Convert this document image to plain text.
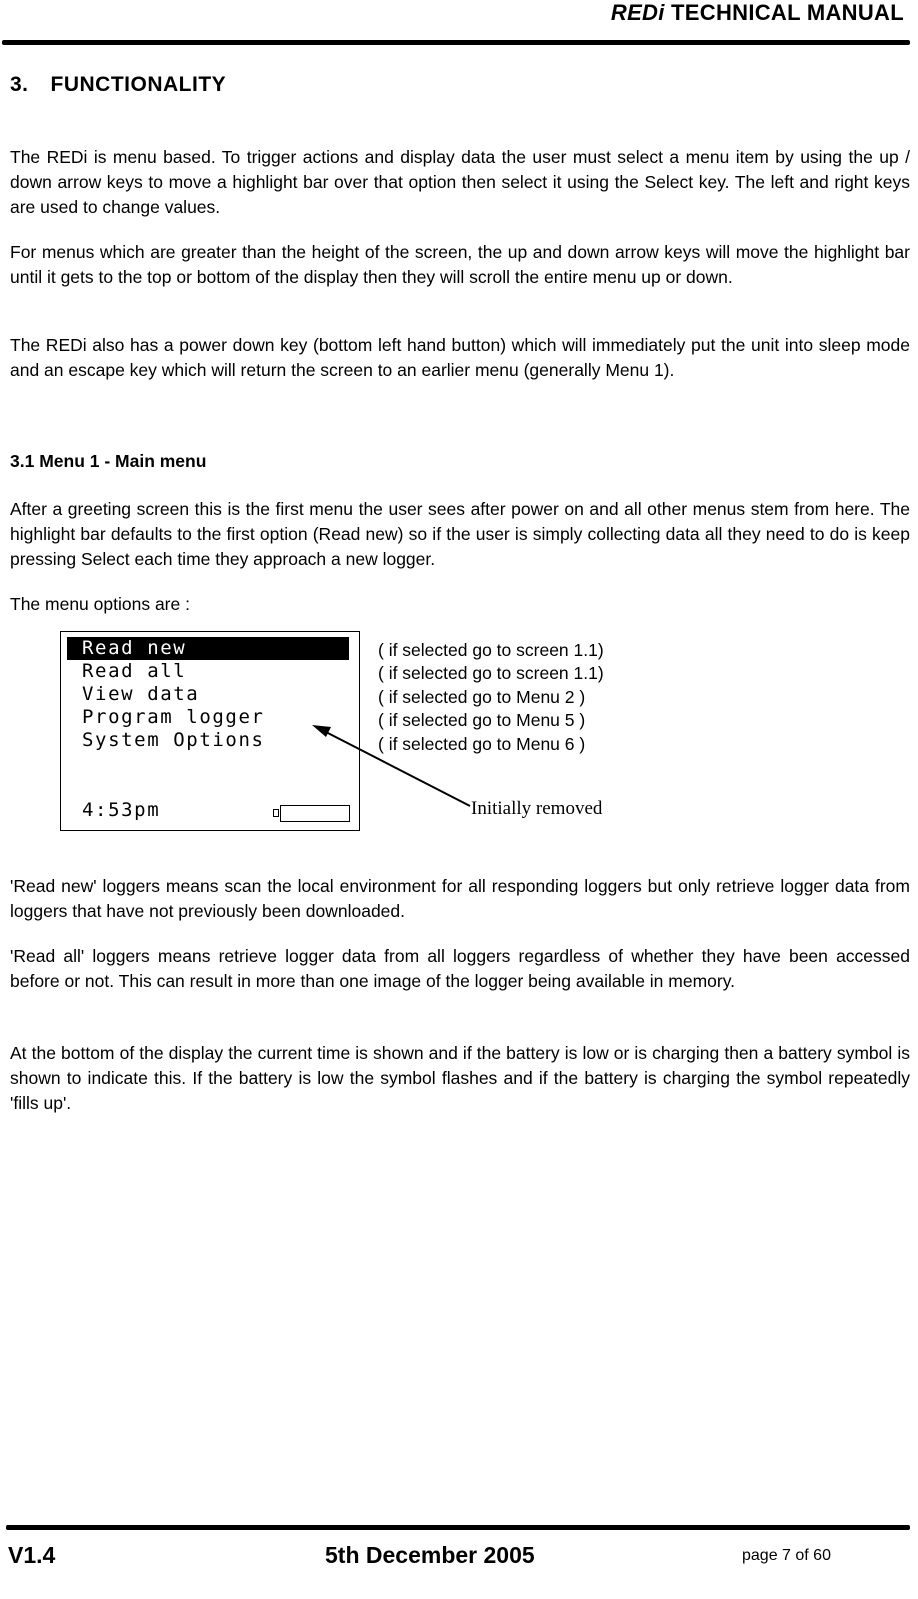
REDi TECHNICAL MANUAL
3. FUNCTIONALITY

The REDi is menu based. To trigger actions and display data the user must select a menu item by using the up / down arrow keys to move a highlight bar over that option then select it using the Select key. The left and right keys are used to change values.

For menus which are greater than the height of the screen, the up and down arrow keys will move the highlight bar until it gets to the top or bottom of the display then they will scroll the entire menu up or down.

The REDi also has a power down key (bottom left hand button) which will immediately put the unit into sleep mode and an escape key which will return the screen to an earlier menu (generally Menu 1).

3.1 Menu 1 - Main menu

After a greeting screen this is the first menu the user sees after power on and all other menus stem from here. The highlight bar defaults to the first option (Read new) so if the user is simply collecting data all they need to do is keep pressing Select each time they approach a new logger.

The menu options are :

Read new
Read all
View data
Program logger
System Options
4:53pm
( if selected go to screen 1.1)
( if selected go to screen 1.1)
( if selected go to Menu 2 )
( if selected go to Menu 5 )
( if selected go to Menu 6 )
Initially removed

'Read new' loggers means scan the local environment for all responding loggers but only retrieve logger data from loggers that have not previously been downloaded.

'Read all' loggers means retrieve logger data from all loggers regardless of whether they have been accessed before or not. This can result in more than one image of the logger being available in memory.

At the bottom of the display the current time is shown and if the battery is low or is charging then a battery symbol is shown to indicate this. If the battery is low the symbol flashes and if the battery is charging the symbol repeatedly 'fills up'.

V1.4	5th December 2005	page 7 of 60
